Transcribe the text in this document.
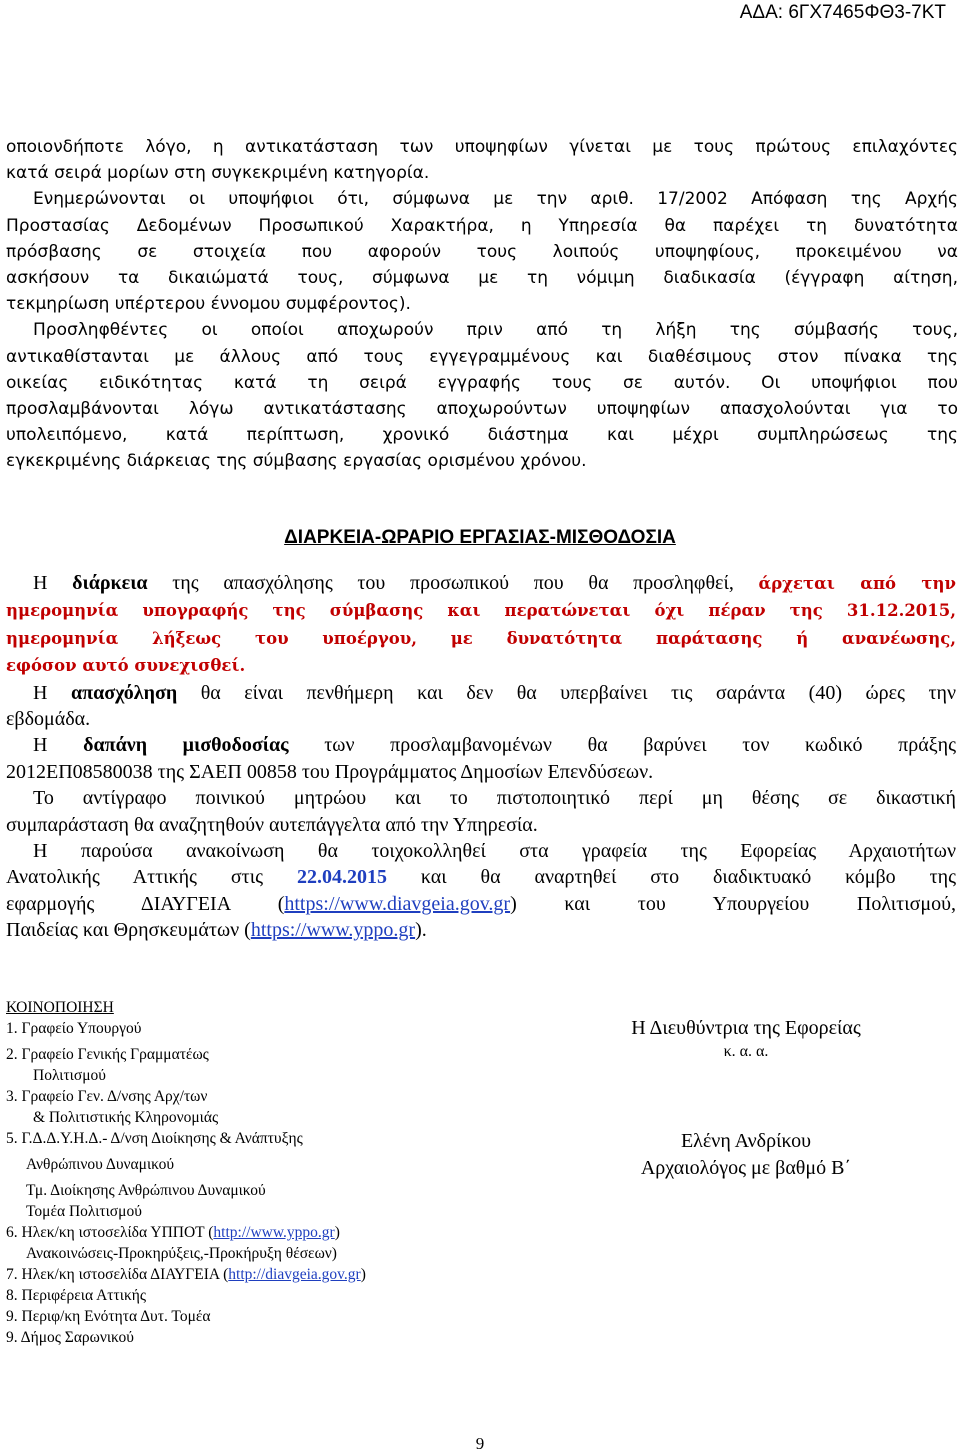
ΑΔΑ: 6ΓΧ7465ΦΘ3-7ΚΤ
οποιονδήποτε λόγο, η αντικατάσταση των υποψηφίων γίνεται με τους πρώτους επιλαχόντες
κατά σειρά μορίων στη συγκεκριμένη κατηγορία.
Ενημερώνονται οι υποψήφιοι ότι, σύμφωνα με την αριθ. 17/2002 Απόφαση της Αρχής
Προστασίας Δεδομένων Προσωπικού Χαρακτήρα, η Υπηρεσία θα παρέχει τη δυνατότητα
πρόσβασης σε στοιχεία που αφορούν τους λοιπούς υποψηφίους, προκειμένου να
ασκήσουν τα δικαιώματά τους, σύμφωνα με τη νόμιμη διαδικασία (έγγραφη αίτηση,
τεκμηρίωση υπέρτερου έννομου συμφέροντος).
Προσληφθέντες οι οποίοι αποχωρούν πριν από τη λήξη της σύμβασής τους,
αντικαθίστανται με άλλους από τους εγγεγραμμένους και διαθέσιμους στον πίνακα της
οικείας ειδικότητας κατά τη σειρά εγγραφής τους σε αυτόν. Οι υποψήφιοι που
προσλαμβάνονται λόγω αντικατάστασης αποχωρούντων υποψηφίων απασχολούνται για το
υπολειπόμενο, κατά περίπτωση, χρονικό διάστημα και μέχρι συμπληρώσεως της
εγκεκριμένης διάρκειας της σύμβασης εργασίας ορισμένου χρόνου.
ΔΙΑΡΚΕΙΑ-ΩΡΑΡΙΟ ΕΡΓΑΣΙΑΣ-ΜΙΣΘΟΔΟΣΙΑ
Η διάρκεια της απασχόλησης του προσωπικού που θα προσληφθεί, άρχεται από την
ημερομηνία υπογραφής της σύμβασης και περατώνεται όχι πέραν της 31.12.2015,
ημερομηνία λήξεως του υποέργου, με δυνατότητα παράτασης ή ανανέωσης,
εφόσον αυτό συνεχισθεί.
Η απασχόληση θα είναι πενθήμερη και δεν θα υπερβαίνει τις σαράντα (40) ώρες την
εβδομάδα.
Η δαπάνη μισθοδοσίας των προσλαμβανομένων θα βαρύνει τον κωδικό πράξης
2012ΕΠ08580038 της ΣΑΕΠ 00858 του Προγράμματος Δημοσίων Επενδύσεων.
Το αντίγραφο ποινικού μητρώου και το πιστοποιητικό περί μη θέσης σε δικαστική
συμπαράσταση θα αναζητηθούν αυτεπάγγελτα από την Υπηρεσία.
Η παρούσα ανακοίνωση θα τοιχοκολληθεί στα γραφεία της Εφορείας Αρχαιοτήτων
Ανατολικής Αττικής στις 22.04.2015 και θα αναρτηθεί στο διαδικτυακό κόμβο της
εφαρμογής ΔΙΑΥΓΕΙΑ (https://www.diavgeia.gov.gr) και του Υπουργείου Πολιτισμού,
Παιδείας και Θρησκευμάτων (https://www.yppo.gr).
ΚΟΙΝΟΠΟΙΗΣΗ
1. Γραφείο Υπουργού
2. Γραφείο Γενικής Γραμματέως
Πολιτισμού
3. Γραφείο Γεν. Δ/νσης Αρχ/των
& Πολιτιστικής Κληρονομιάς
5. Γ.Δ.Δ.Υ.Η.Δ.- Δ/νση Διοίκησης & Ανάπτυξης
Ανθρώπινου Δυναμικού
Τμ. Διοίκησης Ανθρώπινου Δυναμικού
Τομέα Πολιτισμού
6. Ηλεκ/κη ιστοσελίδα ΥΠΠΟΤ (http://www.yppo.gr)
Ανακοινώσεις-Προκηρύξεις,-Προκήρυξη θέσεων)
7. Ηλεκ/κη ιστοσελίδα ΔΙΑΥΓΕΙΑ (http://diavgeia.gov.gr)
8. Περιφέρεια Αττικής
9. Περιφ/κη Ενότητα Δυτ. Τομέα
9. Δήμος Σαρωνικού
Η Διευθύντρια της Εφορείας
κ. α. α.
Ελένη Ανδρίκου
Αρχαιολόγος με βαθμό Β΄
9
